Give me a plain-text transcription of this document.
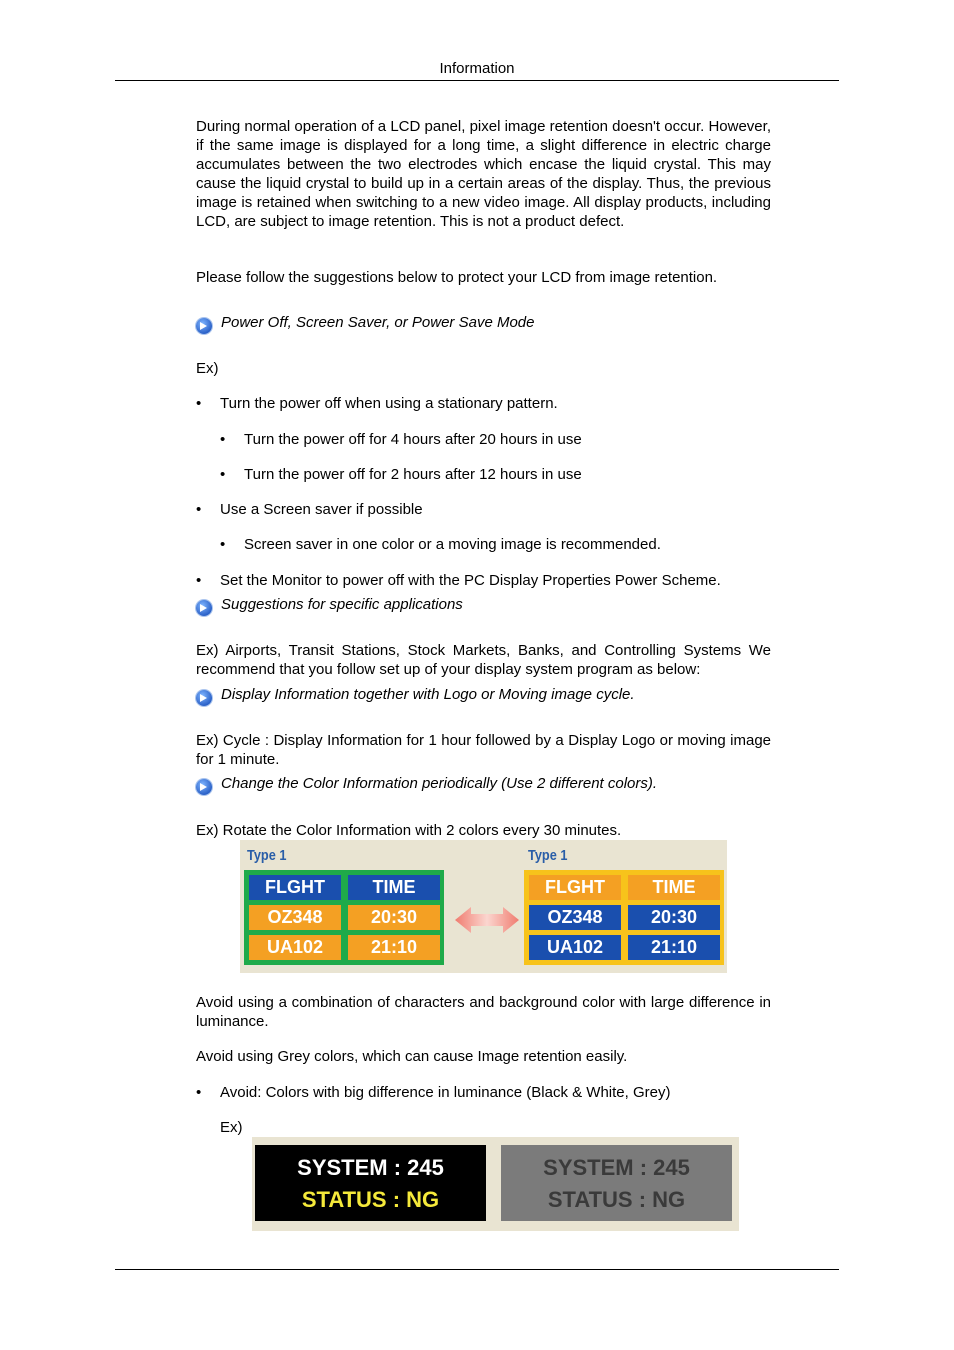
Information
During normal operation of a LCD panel, pixel image retention doesn't occur. However, if the same image is displayed for a long time, a slight difference in electric charge accumulates between the two electrodes which encase the liquid crystal. This may cause the liquid crystal to build up in a certain areas of the display. Thus, the previous image is retained when switching to a new video image. All display products, including LCD, are subject to image retention. This is not a product defect.
Please follow the suggestions below to protect your LCD from image retention.
Power Off, Screen Saver, or Power Save Mode
Ex)
• Turn the power off when using a stationary pattern.
• Turn the power off for 4 hours after 20 hours in use
• Turn the power off for 2 hours after 12 hours in use
• Use a Screen saver if possible
• Screen saver in one color or a moving image is recommended.
• Set the Monitor to power off with the PC Display Properties Power Scheme.
Suggestions for specific applications
Ex) Airports, Transit Stations, Stock Markets, Banks, and Controlling Systems We recommend that you follow set up of your display system program as below:
Display Information together with Logo or Moving image cycle.
Ex) Cycle : Display Information for 1 hour followed by a Display Logo or moving image for 1 minute.
Change the Color Information periodically (Use 2 different colors).
Ex) Rotate the Color Information with 2 colors every 30 minutes.
Type 1	Type 1
FLGHT	TIME
OZ348	20:30
UA102	21:10
FLGHT	TIME
OZ348	20:30
UA102	21:10
Avoid using a combination of characters and background color with large difference in luminance.
Avoid using Grey colors, which can cause Image retention easily.
• Avoid: Colors with big difference in luminance (Black & White, Grey)
Ex)
SYSTEM : 245
STATUS : NG
SYSTEM : 245
STATUS : NG
